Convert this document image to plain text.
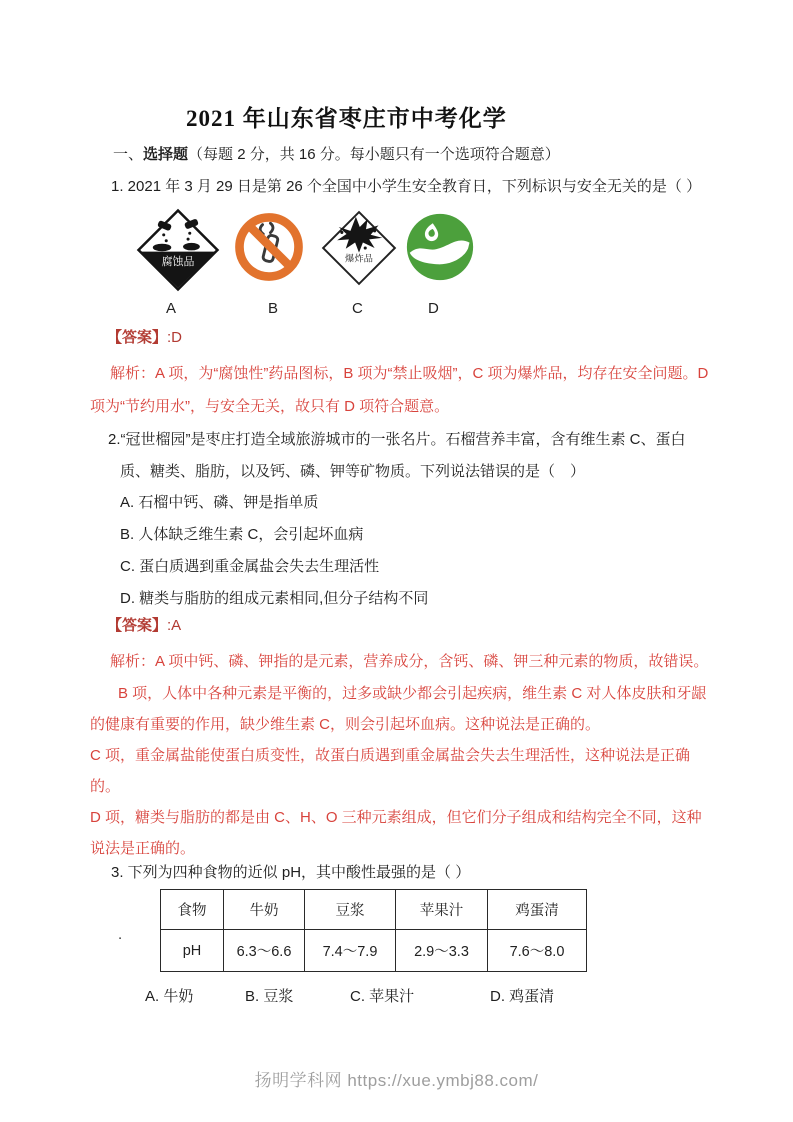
2021 年山东省枣庄市中考化学
一、选择题（每题 2 分，共 16 分。每小题只有一个选项符合题意）
1. 2021 年 3 月 29 日是第 26 个全国中小学生安全教育日，下列标识与安全无关的是（ ）
腐蚀品	爆炸品
A	B	C	D
【答案】:D
解析：A 项，为“腐蚀性”药品图标，B 项为“禁止吸烟”，C 项为爆炸品，均存在安全问题。D 项为“节约用水”，与安全无关，故只有 D 项符合题意。
2.“冠世榴园”是枣庄打造全域旅游城市的一张名片。石榴营养丰富，含有维生素 C、蛋白质、糖类、脂肪，以及钙、磷、钾等矿物质。下列说法错误的是（　）
A. 石榴中钙、磷、钾是指单质
B. 人体缺乏维生素 C，会引起坏血病
C. 蛋白质遇到重金属盐会失去生理活性
D. 糖类与脂肪的组成元素相同,但分子结构不同
【答案】:A
解析：A 项中钙、磷、钾指的是元素，营养成分，含钙、磷、钾三种元素的物质，故错误。
B 项，人体中各种元素是平衡的，过多或缺少都会引起疾病，维生素 C 对人体皮肤和牙龈的健康有重要的作用，缺少维生素 C，则会引起坏血病。这种说法是正确的。
C 项，重金属盐能使蛋白质变性，故蛋白质遇到重金属盐会失去生理活性，这种说法是正确的。
D 项，糖类与脂肪的都是由 C、H、O 三种元素组成，但它们分子组成和结构完全不同，这种说法是正确的。
3. 下列为四种食物的近似 pH，其中酸性最强的是（ ）
.
食物	牛奶	豆浆	苹果汁	鸡蛋清
pH	6.3～6.6	7.4～7.9	2.9～3.3	7.6～8.0
A. 牛奶	B. 豆浆	C. 苹果汁	D. 鸡蛋清
扬明学科网 https://xue.ymbj88.com/
